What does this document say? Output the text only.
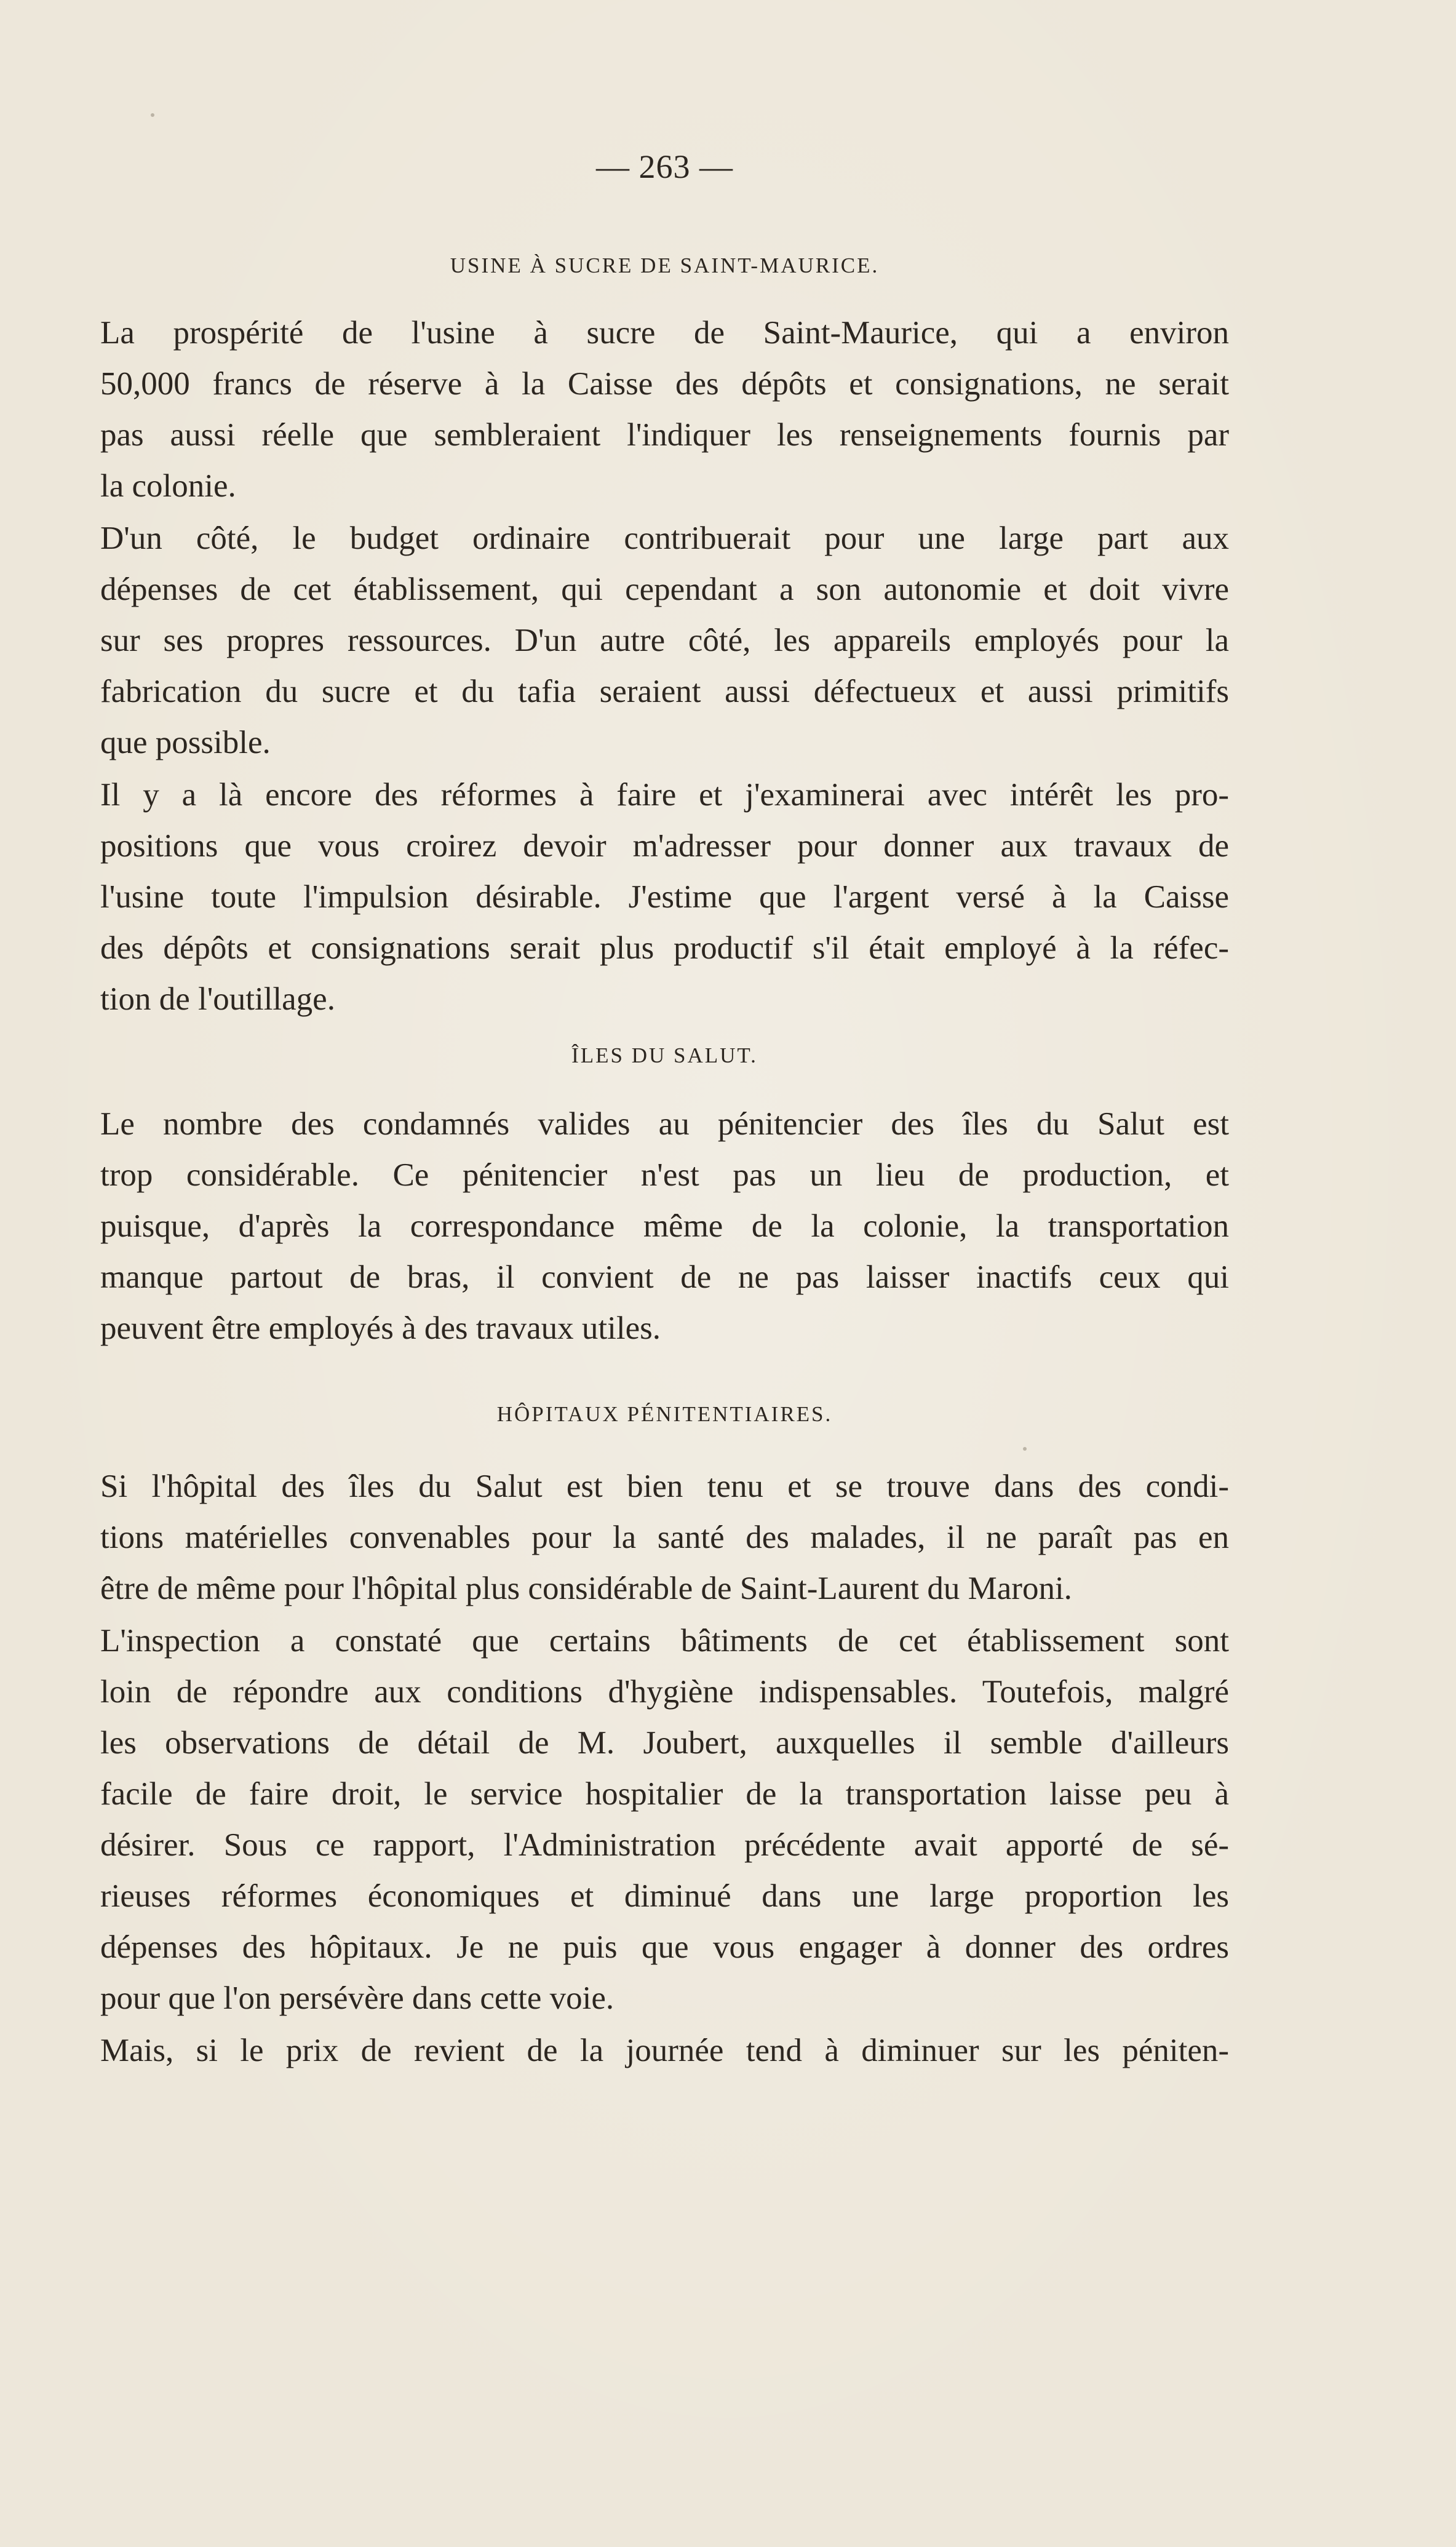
— 263 —
USINE À SUCRE DE SAINT-MAURICE.

La prospérité de l'usine à sucre de Saint-Maurice, qui a environ
50,000 francs de réserve à la Caisse des dépôts et consignations, ne serait
pas aussi réelle que sembleraient l'indiquer les renseignements fournis par
la colonie.

D'un côté, le budget ordinaire contribuerait pour une large part aux
dépenses de cet établissement, qui cependant a son autonomie et doit vivre
sur ses propres ressources. D'un autre côté, les appareils employés pour la
fabrication du sucre et du tafia seraient aussi défectueux et aussi primitifs
que possible.

Il y a là encore des réformes à faire et j'examinerai avec intérêt les pro-
positions que vous croirez devoir m'adresser pour donner aux travaux de
l'usine toute l'impulsion désirable. J'estime que l'argent versé à la Caisse
des dépôts et consignations serait plus productif s'il était employé à la réfec-
tion de l'outillage.

ÎLES DU SALUT.

Le nombre des condamnés valides au pénitencier des îles du Salut est
trop considérable. Ce pénitencier n'est pas un lieu de production, et
puisque, d'après la correspondance même de la colonie, la transportation
manque partout de bras, il convient de ne pas laisser inactifs ceux qui
peuvent être employés à des travaux utiles.

HÔPITAUX PÉNITENTIAIRES.

Si l'hôpital des îles du Salut est bien tenu et se trouve dans des condi-
tions matérielles convenables pour la santé des malades, il ne paraît pas en
être de même pour l'hôpital plus considérable de Saint-Laurent du Maroni.

L'inspection a constaté que certains bâtiments de cet établissement sont
loin de répondre aux conditions d'hygiène indispensables. Toutefois, malgré
les observations de détail de M. Joubert, auxquelles il semble d'ailleurs
facile de faire droit, le service hospitalier de la transportation laisse peu à
désirer. Sous ce rapport, l'Administration précédente avait apporté de sé-
rieuses réformes économiques et diminué dans une large proportion les
dépenses des hôpitaux. Je ne puis que vous engager à donner des ordres
pour que l'on persévère dans cette voie.

Mais, si le prix de revient de la journée tend à diminuer sur les péniten-
